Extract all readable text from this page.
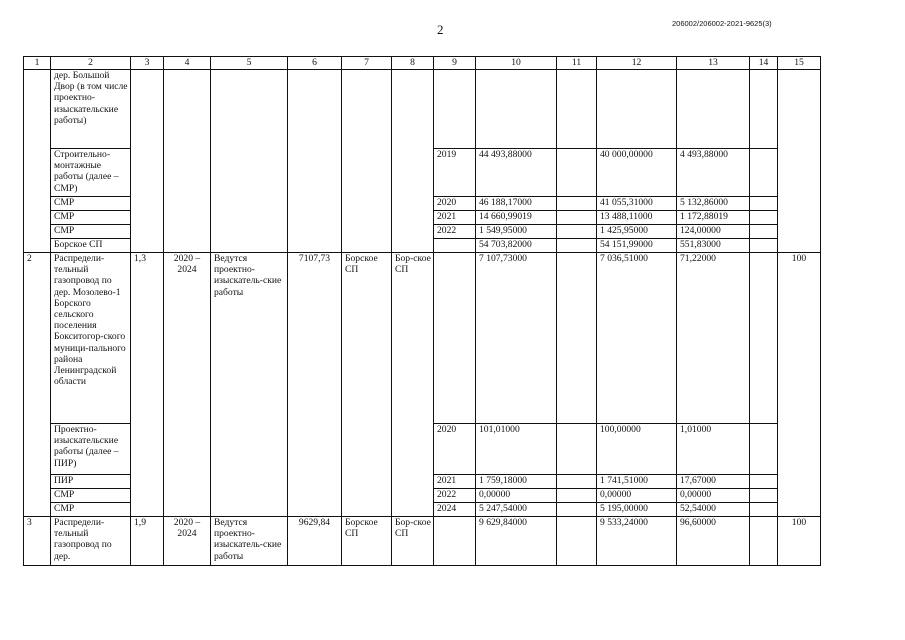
2	206002/206002-2021-9625(3)
1	2	3	4	5	6	7	8	9	10	11	12	13	14	15
	дер. Большой Двор (в том числе проектно-изыскательские работы)													
	Строительно-монтажные работы (далее – СМР)							2019	44 493,88000		40 000,00000	4 493,88000		
	СМР							2020	46 188,17000		41 055,31000	5 132,86000		
	СМР							2021	14 660,99019		13 488,11000	1 172,88019		
	СМР							2022	1 549,95000		1 425,95000	124,00000		
	Борское СП								54 703,82000		54 151,99000	551,83000		
2	Распредели-тельный газопровод по дер. Мозолево-1 Борского сельского поселения Бокситогор-ского муници-пального района Ленинградской области	1,3	2020 – 2024	Ведутся проектно-изыскатель-ские работы	7107,73	Борское СП	Бор-ское СП		7 107,73000		7 036,51000	71,22000		100
	Проектно-изыскательские работы (далее – ПИР)							2020	101,01000		100,00000	1,01000		
	ПИР							2021	1 759,18000		1 741,51000	17,67000		
	СМР							2022	0,00000		0,00000	0,00000		
	СМР							2024	5 247,54000		5 195,00000	52,54000		
3	Распредели-тельный газопровод по дер.	1,9	2020 – 2024	Ведутся проектно-изыскатель-ские работы	9629,84	Борское СП	Бор-ское СП		9 629,84000		9 533,24000	96,60000		100
